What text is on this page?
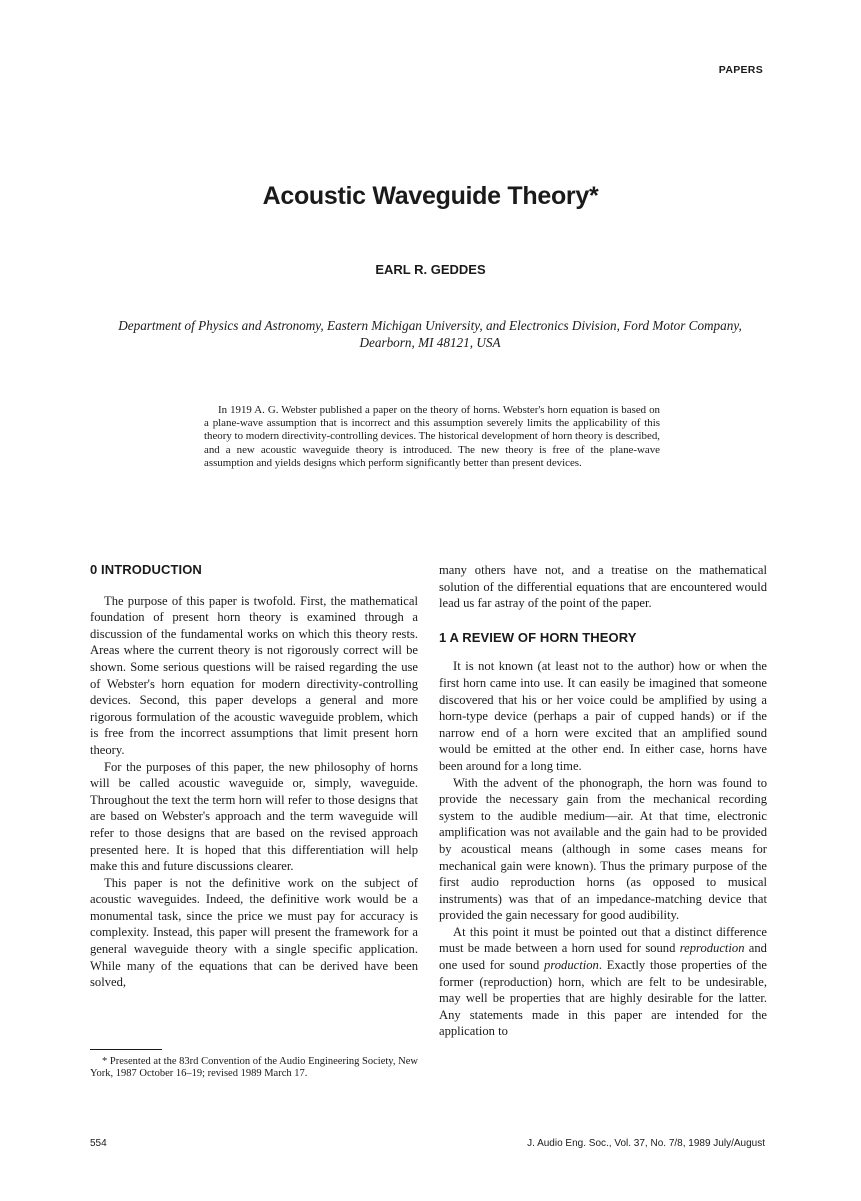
PAPERS
Acoustic Waveguide Theory*
EARL R. GEDDES
Department of Physics and Astronomy, Eastern Michigan University, and Electronics Division, Ford Motor Company, Dearborn, MI 48121, USA

In 1919 A. G. Webster published a paper on the theory of horns. Webster's horn equation is based on a plane-wave assumption that is incorrect and this assumption severely limits the applicability of this theory to modern directivity-controlling devices. The historical development of horn theory is described, and a new acoustic waveguide theory is introduced. The new theory is free of the plane-wave assumption and yields designs which perform significantly better than present devices.

0 INTRODUCTION

The purpose of this paper is twofold. First, the mathematical foundation of present horn theory is examined through a discussion of the fundamental works on which this theory rests. Areas where the current theory is not rigorously correct will be shown. Some serious questions will be raised regarding the use of Webster's horn equation for modern directivity-controlling devices. Second, this paper develops a general and more rigorous formulation of the acoustic waveguide problem, which is free from the incorrect assumptions that limit present horn theory.

For the purposes of this paper, the new philosophy of horns will be called acoustic waveguide or, simply, waveguide. Throughout the text the term horn will refer to those designs that are based on Webster's approach and the term waveguide will refer to those designs that are based on the revised approach presented here. It is hoped that this differentiation will help make this and future discussions clearer.

This paper is not the definitive work on the subject of acoustic waveguides. Indeed, the definitive work would be a monumental task, since the price we must pay for accuracy is complexity. Instead, this paper will present the framework for a general waveguide theory with a single specific application. While many of the equations that can be derived have been solved,

many others have not, and a treatise on the mathematical solution of the differential equations that are encountered would lead us far astray of the point of the paper.

1 A REVIEW OF HORN THEORY

It is not known (at least not to the author) how or when the first horn came into use. It can easily be imagined that someone discovered that his or her voice could be amplified by using a horn-type device (perhaps a pair of cupped hands) or if the narrow end of a horn were excited that an amplified sound would be emitted at the other end. In either case, horns have been around for a long time.

With the advent of the phonograph, the horn was found to provide the necessary gain from the mechanical recording system to the audible medium—air. At that time, electronic amplification was not available and the gain had to be provided by acoustical means (although in some cases means for mechanical gain were known). Thus the primary purpose of the first audio reproduction horns (as opposed to musical instruments) was that of an impedance-matching device that provided the gain necessary for good audibility.

At this point it must be pointed out that a distinct difference must be made between a horn used for sound reproduction and one used for sound production. Exactly those properties of the former (reproduction) horn, which are felt to be undesirable, may well be properties that are highly desirable for the latter. Any statements made in this paper are intended for the application to

* Presented at the 83rd Convention of the Audio Engineering Society, New York, 1987 October 16–19; revised 1989 March 17.

554	J. Audio Eng. Soc., Vol. 37, No. 7/8, 1989 July/August
